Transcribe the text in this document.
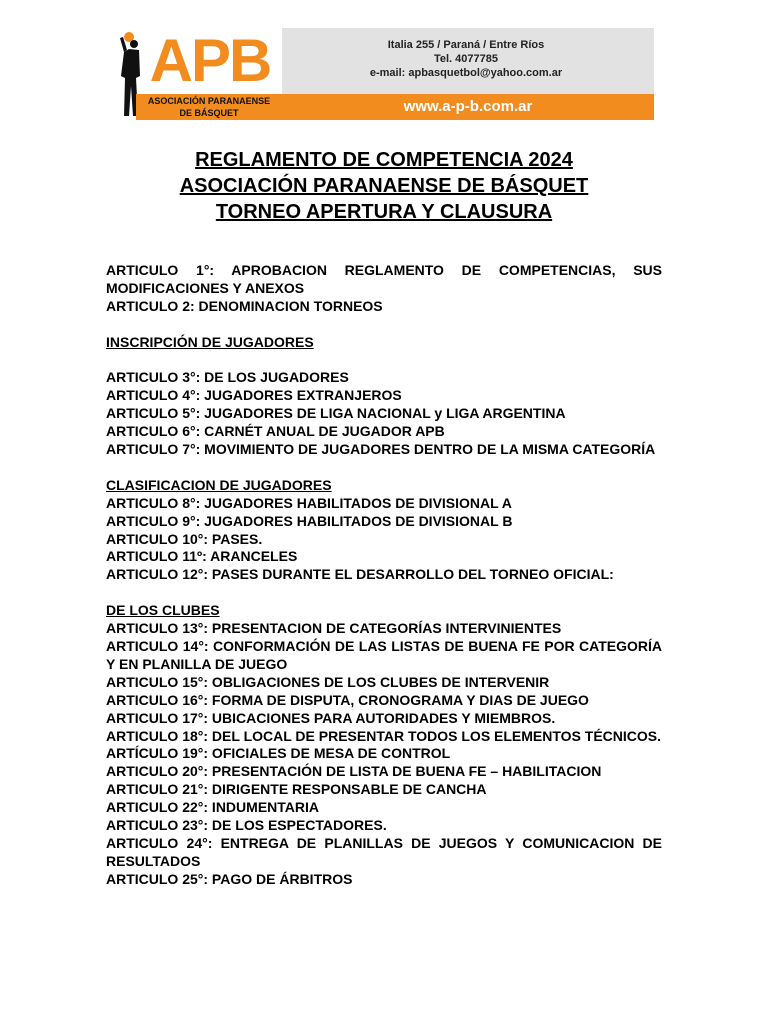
APB
ASOCIACIÓN PARANAENSE
DE BÁSQUET
Italia 255 / Paraná / Entre Ríos
Tel. 4077785
e-mail: apbasquetbol@yahoo.com.ar
www.a-p-b.com.ar

REGLAMENTO DE COMPETENCIA 2024

ASOCIACIÓN PARANAENSE DE BÁSQUET

TORNEO APERTURA Y CLAUSURA

ARTICULO 1°: APROBACION REGLAMENTO DE COMPETENCIAS, SUS MODIFICACIONES Y ANEXOS
ARTICULO 2: DENOMINACION TORNEOS
INSCRIPCIÓN DE JUGADORES
ARTICULO 3°: DE LOS JUGADORES
ARTICULO 4°: JUGADORES EXTRANJEROS
ARTICULO 5°: JUGADORES DE LIGA NACIONAL y LIGA ARGENTINA
ARTICULO 6°: CARNÉT ANUAL DE JUGADOR APB
ARTICULO 7°: MOVIMIENTO DE JUGADORES DENTRO DE LA MISMA CATEGORÍA
CLASIFICACION DE JUGADORES
ARTICULO 8°: JUGADORES HABILITADOS DE DIVISIONAL A
ARTICULO 9°: JUGADORES HABILITADOS DE DIVISIONAL B
ARTICULO 10°: PASES.
ARTICULO 11º: ARANCELES
ARTICULO 12°: PASES DURANTE EL DESARROLLO DEL TORNEO OFICIAL:
DE LOS CLUBES
ARTICULO 13°: PRESENTACION DE CATEGORÍAS INTERVINIENTES
ARTICULO 14°: CONFORMACIÓN DE LAS LISTAS DE BUENA FE POR CATEGORÍA Y EN PLANILLA DE JUEGO
ARTICULO 15°: OBLIGACIONES DE LOS CLUBES DE INTERVENIR
ARTICULO 16°: FORMA DE DISPUTA, CRONOGRAMA Y DIAS DE JUEGO
ARTICULO 17°: UBICACIONES PARA AUTORIDADES Y MIEMBROS.
ARTICULO 18°: DEL LOCAL DE PRESENTAR TODOS LOS ELEMENTOS TÉCNICOS.
ARTÍCULO 19°: OFICIALES DE MESA DE CONTROL
ARTICULO 20°: PRESENTACIÓN DE LISTA DE BUENA FE – HABILITACION
ARTICULO 21°: DIRIGENTE RESPONSABLE DE CANCHA
ARTICULO 22°: INDUMENTARIA
ARTICULO 23°: DE LOS ESPECTADORES.
ARTICULO 24°: ENTREGA DE PLANILLAS DE JUEGOS Y COMUNICACION DE RESULTADOS
ARTICULO 25°: PAGO DE ÁRBITROS
